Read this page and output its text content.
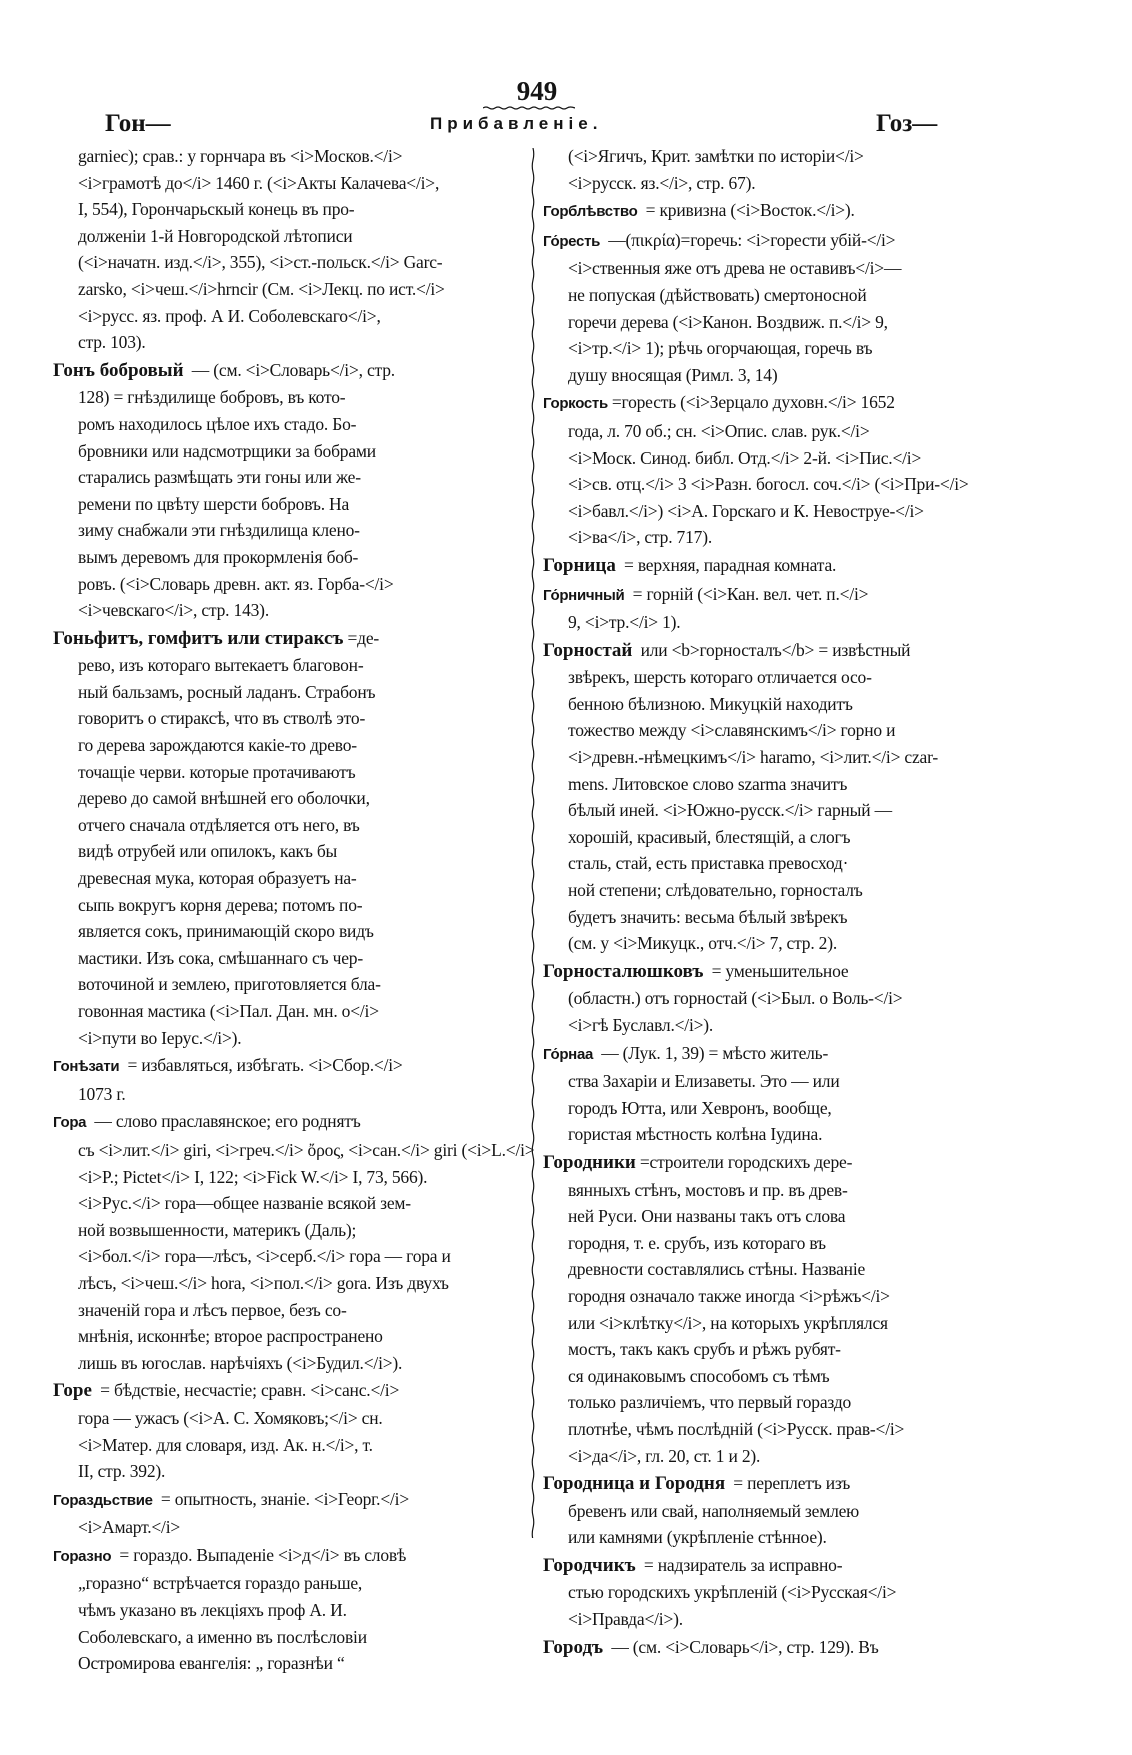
949
Гон—	Прибавленiе.	Гоз—
garniec); срав.: у горнчара въ <i>Москов.</i>
<i>грамотѣ до</i> 1460 г. (<i>Акты Калачева</i>,
I, 554), Горончарьскый конець въ про-
долженiи 1-й Новгородской лѣтописи
(<i>начатн. изд.</i>, 355), <i>ст.-польск.</i> Garc-
zarsko, <i>чеш.</i>hrncir (См. <i>Лекц. по ист.</i>
<i>русс. яз. проф. А И. Соболевскаго</i>,
стр. 103).
Гонъ бобровый — (см. <i>Словарь</i>, стр.
128) = гнѣздилище бобровъ, въ кото-
ромъ находилось цѣлое ихъ стадо. Бо-
бровники или надсмотрщики за бобрами
старались размѣщать эти гоны или же-
ремени по цвѣту шерсти бобровъ. На
зиму снабжали эти гнѣздилища клено-
вымъ деревомъ для прокормленiя боб-
ровъ. (<i>Словарь древн. акт. яз. Горба-</i>
<i>чевскаго</i>, стр. 143).
Гоньфитъ, гомфитъ или стираксъ =де-
рево, изъ котораго вытекаетъ благовон-
ный бальзамъ, росный ладанъ. Страбонъ
говоритъ о стираксѣ, что въ стволѣ это-
го дерева зарождаются какiе-то древо-
точащiе черви. которые протачиваютъ
дерево до самой внѣшней его оболочки,
отчего сначала отдѣляется отъ него, въ
видѣ отрубей или опилокъ, какъ бы
древесная мука, которая образуетъ на-
сыпь вокругъ корня дерева; потомъ по-
является сокъ, принимающiй скоро видъ
мастики. Изъ сока, смѣшаннаго съ чер-
воточиной и землею, приготовляется бла-
говонная мастика (<i>Пал. Дан. мн. о</i>
<i>пути во Iерус.</i>).
Гонѣзати = избавляться, избѣгать. <i>Сбор.</i>
1073 г.
Гора — слово праславянское; его роднятъ
съ <i>лит.</i> giri, <i>греч.</i> ὄρος, <i>сан.</i> giri (<i>L.</i>
<i>P.; Pictet</i> I, 122; <i>Fick W.</i> I, 73, 566).
<i>Рус.</i> гора—общее названiе всякой зем-
ной возвышенности, материкъ (Даль);
<i>бол.</i> гора—лѣсъ, <i>серб.</i> гора — гора и
лѣсъ, <i>чеш.</i> hora, <i>пол.</i> gora. Изъ двухъ
значенiй гора и лѣсъ первое, безъ со-
мнѣнiя, исконнѣе; второе распространено
лишь въ югослав. нарѣчiяхъ (<i>Будил.</i>).
Горе = бѣдствiе, несчастiе; сравн. <i>санс.</i>
гора — ужасъ (<i>А. С. Хомяковъ;</i> сн.
<i>Матер. для словаря, изд. Ак. н.</i>, т.
II, стр. 392).
Гораздьствие = опытность, знанiе. <i>Георг.</i>
<i>Амарт.</i>
Горазно = гораздо. Выпаденiе <i>д</i> въ словѣ
„горазно“ встрѣчается гораздо раньше,
чѣмъ указано въ лекцiяхъ проф А. И.
Соболевскаго, а именно въ послѣсловiи
Остромирова евангелiя: „ горазнѣи “
(<i>Ягичъ, Крит. замѣтки по исторiи</i>
<i>русск. яз.</i>, стр. 67).
Горблѣвство = кривизна (<i>Восток.</i>).
Го́ресть —(πικρία)=горечь: <i>горести убiй-</i>
<i>ственныя яже отъ древа не оставивъ</i>—
не попуская (дѣйствовать) смертоносной
горечи дерева (<i>Канон. Воздвиж. п.</i> 9,
<i>тр.</i> 1); рѣчь огорчающая, горечь въ
душу вносящая (Римл. 3, 14)
Горкость =горесть (<i>Зерцало духовн.</i> 1652
года, л. 70 об.; сн. <i>Опис. слав. рук.</i>
<i>Моск. Синод. библ. Отд.</i> 2-й. <i>Пис.</i>
<i>св. отц.</i> 3 <i>Разн. богосл. соч.</i> (<i>При-</i>
<i>бавл.</i>) <i>А. Горскаго и К. Невоструе-</i>
<i>ва</i>, стр. 717).
Горница = верхняя, парадная комната.
Го́рничный = горнiй (<i>Кан. вел. чет. п.</i>
9, <i>тр.</i> 1).
Горностай или <b>горносталъ</b> = извѣстный
звѣрекъ, шерсть котораго отличается осо-
бенною бѣлизною. Микуцкiй находитъ
тожество между <i>славянскимъ</i> горно и
<i>древн.-нѣмецкимъ</i> haramo, <i>лит.</i> czar-
mens. Литовское слово szarma значитъ
бѣлый иней. <i>Южно-русск.</i> гарный —
хорошiй, красивый, блестящiй, а слогъ
сталь, стай, есть приставка превосход·
ной степени; слѣдовательно, горносталъ
будетъ значить: весьма бѣлый звѣрекъ
(см. у <i>Микуцк., отч.</i> 7, стр. 2).
Горносталюшковъ = уменьшительное
(областн.) отъ горностай (<i>Был. о Воль-</i>
<i>гѣ Буславл.</i>).
Го́рнаа — (Лук. 1, 39) = мѣсто житель-
ства Захарiи и Елизаветы. Это — или
городъ Ютта, или Хевронъ, вообще,
гористая мѣстность колѣна Iудина.
Городники =строители городскихъ дере-
вянныхъ стѣнъ, мостовъ и пр. въ древ-
ней Руси. Они названы такъ отъ слова
городня, т. е. срубъ, изъ котораго въ
древности составлялись стѣны. Названiе
городня означало также иногда <i>рѣжъ</i>
или <i>клѣтку</i>, на которыхъ укрѣплялся
мостъ, такъ какъ срубъ и рѣжъ рубят-
ся одинаковымъ способомъ съ тѣмъ
только различiемъ, что первый гораздо
плотнѣе, чѣмъ послѣднiй (<i>Русск. прав-</i>
<i>да</i>, гл. 20, ст. 1 и 2).
Городница и Городня = переплетъ изъ
бревенъ или свай, наполняемый землею
или камнями (укрѣпленiе стѣнное).
Городчикъ = надзиратель за исправно-
стью городскихъ укрѣпленiй (<i>Русская</i>
<i>Правда</i>).
Городъ — (см. <i>Словарь</i>, стр. 129). Въ
